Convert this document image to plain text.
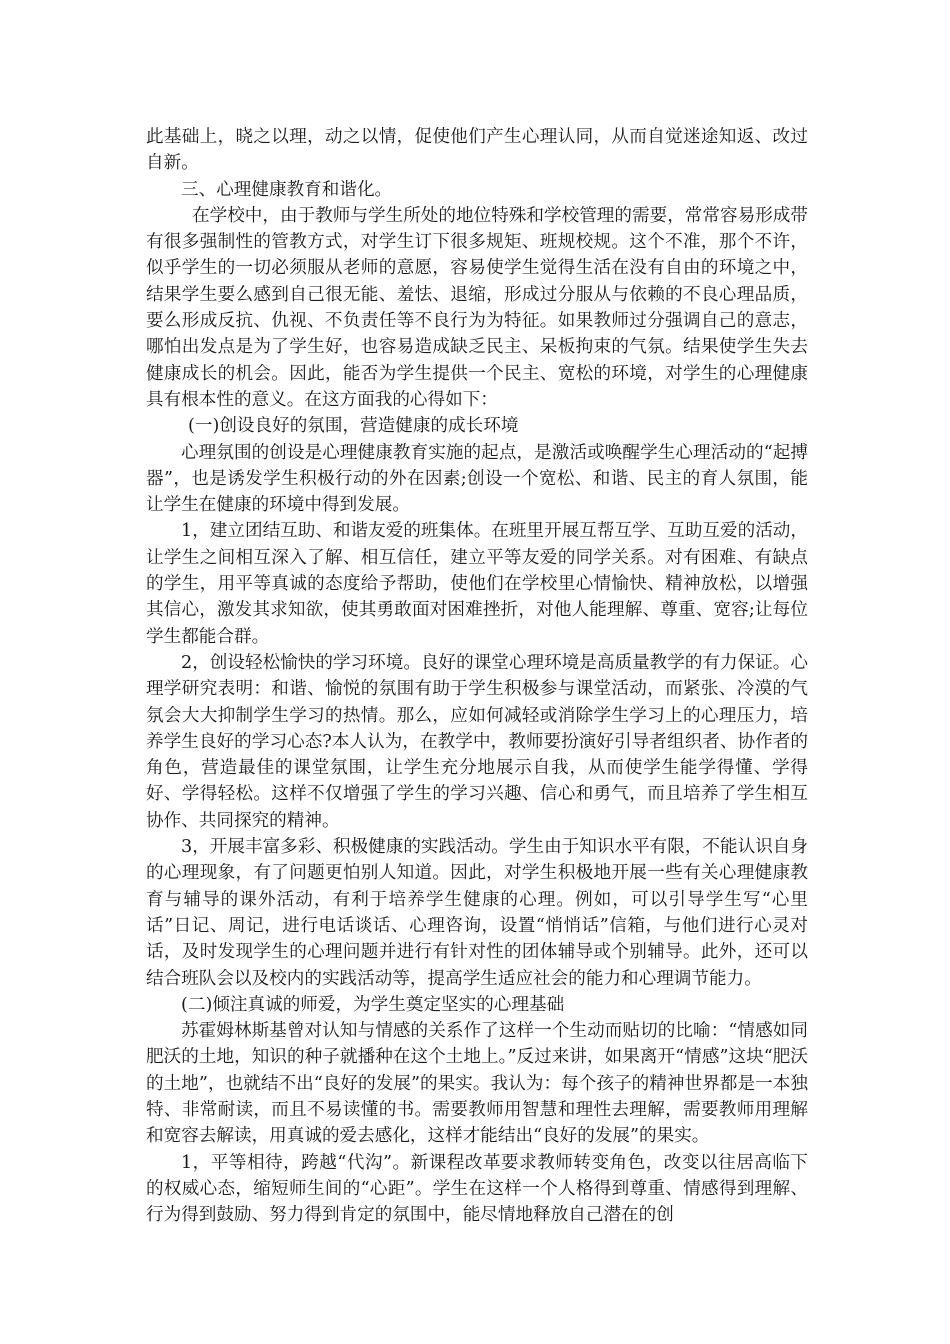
此基础上，晓之以理，动之以情，促使他们产生心理认同，从而自觉迷途知返、改过自新。

三、心理健康教育和谐化。

在学校中，由于教师与学生所处的地位特殊和学校管理的需要，常常容易形成带有很多强制性的管教方式，对学生订下很多规矩、班规校规。这个不准，那个不许，似乎学生的一切必须服从老师的意愿，容易使学生觉得生活在没有自由的环境之中，结果学生要么感到自己很无能、羞怯、退缩，形成过分服从与依赖的不良心理品质，要么形成反抗、仇视、不负责任等不良行为为特征。如果教师过分强调自己的意志，哪怕出发点是为了学生好，也容易造成缺乏民主、呆板拘束的气氛。结果使学生失去健康成长的机会。因此，能否为学生提供一个民主、宽松的环境，对学生的心理健康具有根本性的意义。在这方面我的心得如下：

(一)创设良好的氛围，营造健康的成长环境

心理氛围的创设是心理健康教育实施的起点，是激活或唤醒学生心理活动的“起搏器”，也是诱发学生积极行动的外在因素;创设一个宽松、和谐、民主的育人氛围，能让学生在健康的环境中得到发展。

1，建立团结互助、和谐友爱的班集体。在班里开展互帮互学、互助互爱的活动，让学生之间相互深入了解、相互信任，建立平等友爱的同学关系。对有困难、有缺点的学生，用平等真诚的态度给予帮助，使他们在学校里心情愉快、精神放松，以增强其信心，激发其求知欲，使其勇敢面对困难挫折，对他人能理解、尊重、宽容;让每位学生都能合群。

2，创设轻松愉快的学习环境。良好的课堂心理环境是高质量教学的有力保证。心理学研究表明：和谐、愉悦的氛围有助于学生积极参与课堂活动，而紧张、冷漠的气氛会大大抑制学生学习的热情。那么，应如何减轻或消除学生学习上的心理压力，培养学生良好的学习心态?本人认为，在教学中，教师要扮演好引导者组织者、协作者的角色，营造最佳的课堂氛围，让学生充分地展示自我，从而使学生能学得懂、学得好、学得轻松。这样不仅增强了学生的学习兴趣、信心和勇气，而且培养了学生相互协作、共同探究的精神。

3，开展丰富多彩、积极健康的实践活动。学生由于知识水平有限，不能认识自身的心理现象，有了问题更怕别人知道。因此，对学生积极地开展一些有关心理健康教育与辅导的课外活动，有利于培养学生健康的心理。例如，可以引导学生写“心里话”日记、周记，进行电话谈话、心理咨询，设置“悄悄话”信箱，与他们进行心灵对话，及时发现学生的心理问题并进行有针对性的团体辅导或个别辅导。此外，还可以结合班队会以及校内的实践活动等，提高学生适应社会的能力和心理调节能力。

(二)倾注真诚的师爱，为学生奠定坚实的心理基础

苏霍姆林斯基曾对认知与情感的关系作了这样一个生动而贴切的比喻：“情感如同肥沃的土地，知识的种子就播种在这个土地上。”反过来讲，如果离开“情感”这块“肥沃的土地”，也就结不出“良好的发展”的果实。我认为：每个孩子的精神世界都是一本独特、非常耐读，而且不易读懂的书。需要教师用智慧和理性去理解，需要教师用理解和宽容去解读，用真诚的爱去感化，这样才能结出“良好的发展”的果实。

1，平等相待，跨越“代沟”。新课程改革要求教师转变角色，改变以往居高临下的权威心态，缩短师生间的“心距”。学生在这样一个人格得到尊重、情感得到理解、行为得到鼓励、努力得到肯定的氛围中，能尽情地释放自己潜在的创
